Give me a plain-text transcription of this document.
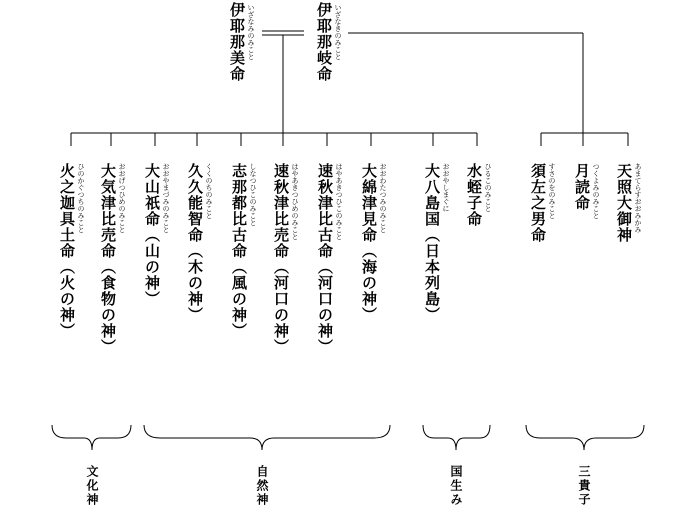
伊耶那岐命 いざなきのみこと
伊耶那美命 いざなみのみこと
天照大御神 あまてらすおおみかみ
月読命 つくよみのみこと
須左之男命 すさのをのみこと
水蛭子命 ひるこのみこと
大八島国（日本列島）
おおやしまぐに
大綿津見命（海の神）
おおわたつみのみこと
速秋津比古命（河口の神）
はやあきつひこのみこと
速秋津比売命（河口の神）
はやあきつひめのみこと
志那都比古命（風の神）
しなつひこのみこと
久久能智命（木の神）
くくのちのみこと
大山祇命（山の神）
おおやまづみのみこと
大気津比売命（食物の神）
おおげつひめのみこと
火之迦具土命（火の神）
ひのかぐつちのみこと
三貴子
国生み
自然神
文化神
